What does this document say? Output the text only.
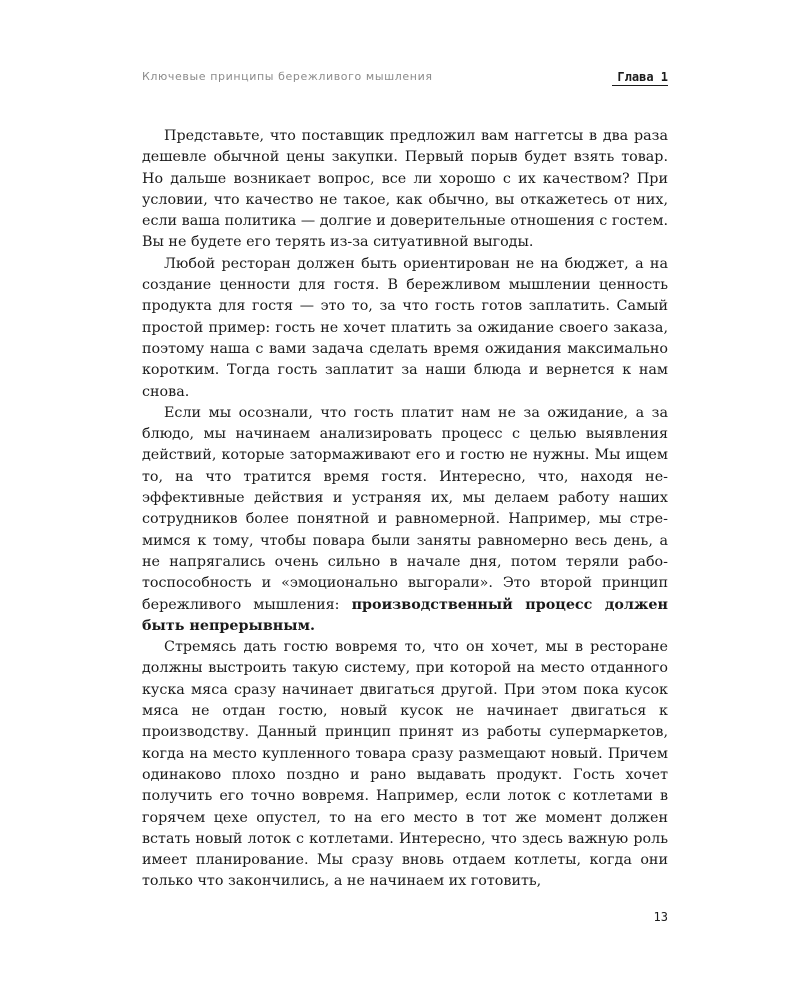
Ключевые принципы бережливого мышления	Глава 1

Представьте, что поставщик предложил вам наггетсы в два раза дешевле обычной цены закупки. Первый порыв будет взять товар. Но дальше возникает вопрос, все ли хорошо с их качеством? При условии, что качество не такое, как обычно, вы откажетесь от них, если ваша политика — долгие и доверительные отношения с гостем. Вы не будете его терять из-за ситуативной выгоды.

Любой ресторан должен быть ориентирован не на бюджет, а на создание ценности для гостя. В бережливом мышлении ценность продукта для гостя — это то, за что гость готов заплатить. Самый простой пример: гость не хочет платить за ожидание своего заказа, поэтому наша с вами задача сделать время ожидания максимально коротким. Тогда гость заплатит за наши блюда и вернется к нам снова.

Если мы осознали, что гость платит нам не за ожидание, а за блюдо, мы начинаем анализировать процесс с целью выявления действий, которые затормаживают его и гостю не нужны. Мы ищем то, на что тратится время гостя. Интересно, что, находя неэффективные действия и устраняя их, мы делаем работу наших сотрудников более понятной и равномерной. Например, мы стремимся к тому, чтобы повара были заняты равномерно весь день, а не напрягались очень сильно в начале дня, потом теряли работоспособность и «эмоционально выгорали». Это второй принцип бережливого мышления: производственный процесс должен быть непрерывным.

Стремясь дать гостю вовремя то, что он хочет, мы в ресторане должны выстроить такую систему, при которой на место отданного куска мяса сразу начинает двигаться другой. При этом пока кусок мяса не отдан гостю, новый кусок не начинает двигаться к производству. Данный принцип принят из работы супермаркетов, когда на место купленного товара сразу размещают новый. Причем одинаково плохо поздно и рано выдавать продукт. Гость хочет получить его точно вовремя. Например, если лоток с котлетами в горячем цехе опустел, то на его место в тот же момент должен встать новый лоток с котлетами. Интересно, что здесь важную роль имеет планирование. Мы сразу вновь отдаем котлеты, когда они только что закончились, а не начинаем их готовить,

13
